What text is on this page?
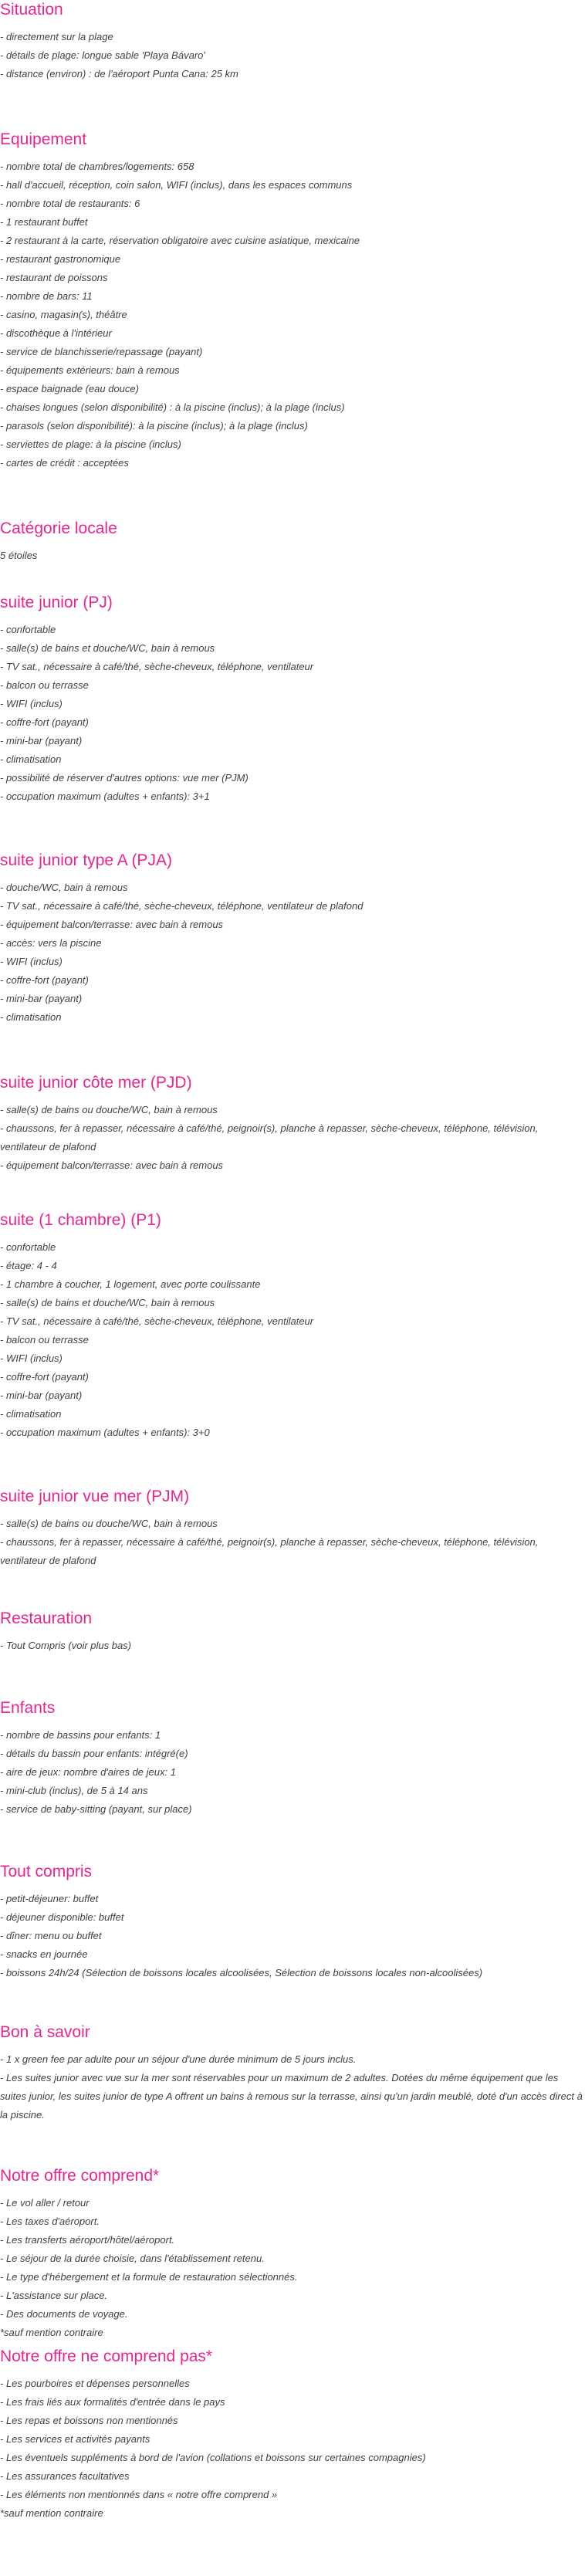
Situation
- directement sur la plage
- détails de plage: longue sable 'Playa Bávaro'
- distance (environ) : de l'aéroport Punta Cana: 25 km
Equipement
- nombre total de chambres/logements: 658
- hall d'accueil, réception, coin salon, WIFI (inclus), dans les espaces communs
- nombre total de restaurants: 6
- 1 restaurant buffet
- 2 restaurant à la carte, réservation obligatoire avec cuisine asiatique, mexicaine
- restaurant gastronomique
- restaurant de poissons
- nombre de bars: 11
- casino, magasin(s), théâtre
- discothèque à l'intérieur
- service de blanchisserie/repassage (payant)
- équipements extérieurs: bain à remous
- espace baignade (eau douce)
- chaises longues (selon disponibilité) : à la piscine (inclus); à la plage (inclus)
- parasols (selon disponibilité): à la piscine (inclus); à la plage (inclus)
- serviettes de plage: à la piscine (inclus)
- cartes de crédit : acceptées
Catégorie locale
5 étoiles
suite junior (PJ)
- confortable
- salle(s) de bains et douche/WC, bain à remous
- TV sat., nécessaire à café/thé, sèche-cheveux, téléphone, ventilateur
- balcon ou terrasse
- WIFI (inclus)
- coffre-fort (payant)
- mini-bar (payant)
- climatisation
- possibilité de réserver d'autres options: vue mer (PJM)
- occupation maximum (adultes + enfants): 3+1
suite junior type A (PJA)
- douche/WC, bain à remous
- TV sat., nécessaire à café/thé, sèche-cheveux, téléphone, ventilateur de plafond
- équipement balcon/terrasse: avec bain à remous
- accès: vers la piscine
- WIFI (inclus)
- coffre-fort (payant)
- mini-bar (payant)
- climatisation
suite junior côte mer (PJD)
- salle(s) de bains ou douche/WC, bain à remous
- chaussons, fer à repasser, nécessaire à café/thé, peignoir(s), planche à repasser, sèche-cheveux, téléphone, télévision, ventilateur de plafond
- équipement balcon/terrasse: avec bain à remous
suite (1 chambre) (P1)
- confortable
- étage: 4 - 4
- 1 chambre à coucher, 1 logement, avec porte coulissante
- salle(s) de bains et douche/WC, bain à remous
- TV sat., nécessaire à café/thé, sèche-cheveux, téléphone, ventilateur
- balcon ou terrasse
- WIFI (inclus)
- coffre-fort (payant)
- mini-bar (payant)
- climatisation
- occupation maximum (adultes + enfants): 3+0
suite junior vue mer (PJM)
- salle(s) de bains ou douche/WC, bain à remous
- chaussons, fer à repasser, nécessaire à café/thé, peignoir(s), planche à repasser, sèche-cheveux, téléphone, télévision, ventilateur de plafond
Restauration
- Tout Compris (voir plus bas)
Enfants
- nombre de bassins pour enfants: 1
- détails du bassin pour enfants: intégré(e)
- aire de jeux: nombre d'aires de jeux: 1
- mini-club (inclus), de 5 à 14 ans
- service de baby-sitting (payant, sur place)
Tout compris
- petit-déjeuner: buffet
- déjeuner disponible: buffet
- dîner: menu ou buffet
- snacks en journée
- boissons 24h/24 (Sélection de boissons locales alcoolisées, Sélection de boissons locales non-alcoolisées)
Bon à savoir
- 1 x green fee par adulte pour un séjour d'une durée minimum de 5 jours inclus.
- Les suites junior avec vue sur la mer sont réservables pour un maximum de 2 adultes. Dotées du même équipement que les suites junior, les suites junior de type A offrent un bains à remous sur la terrasse, ainsi qu'un jardin meublé, doté d'un accès direct à la piscine.
Notre offre comprend*
- Le vol aller / retour
- Les taxes d'aéroport.
- Les transferts aéroport/hôtel/aéroport.
- Le séjour de la durée choisie, dans l'établissement retenu.
- Le type d'hébergement et la formule de restauration sélectionnés.
- L'assistance sur place.
- Des documents de voyage.
*sauf mention contraire
Notre offre ne comprend pas*
- Les pourboires et dépenses personnelles
- Les frais liés aux formalités d'entrée dans le pays
- Les repas et boissons non mentionnés
- Les services et activités payants
- Les éventuels suppléments à bord de l'avion (collations et boissons sur certaines compagnies)
- Les assurances facultatives
- Les éléments non mentionnés dans « notre offre comprend »
*sauf mention contraire
